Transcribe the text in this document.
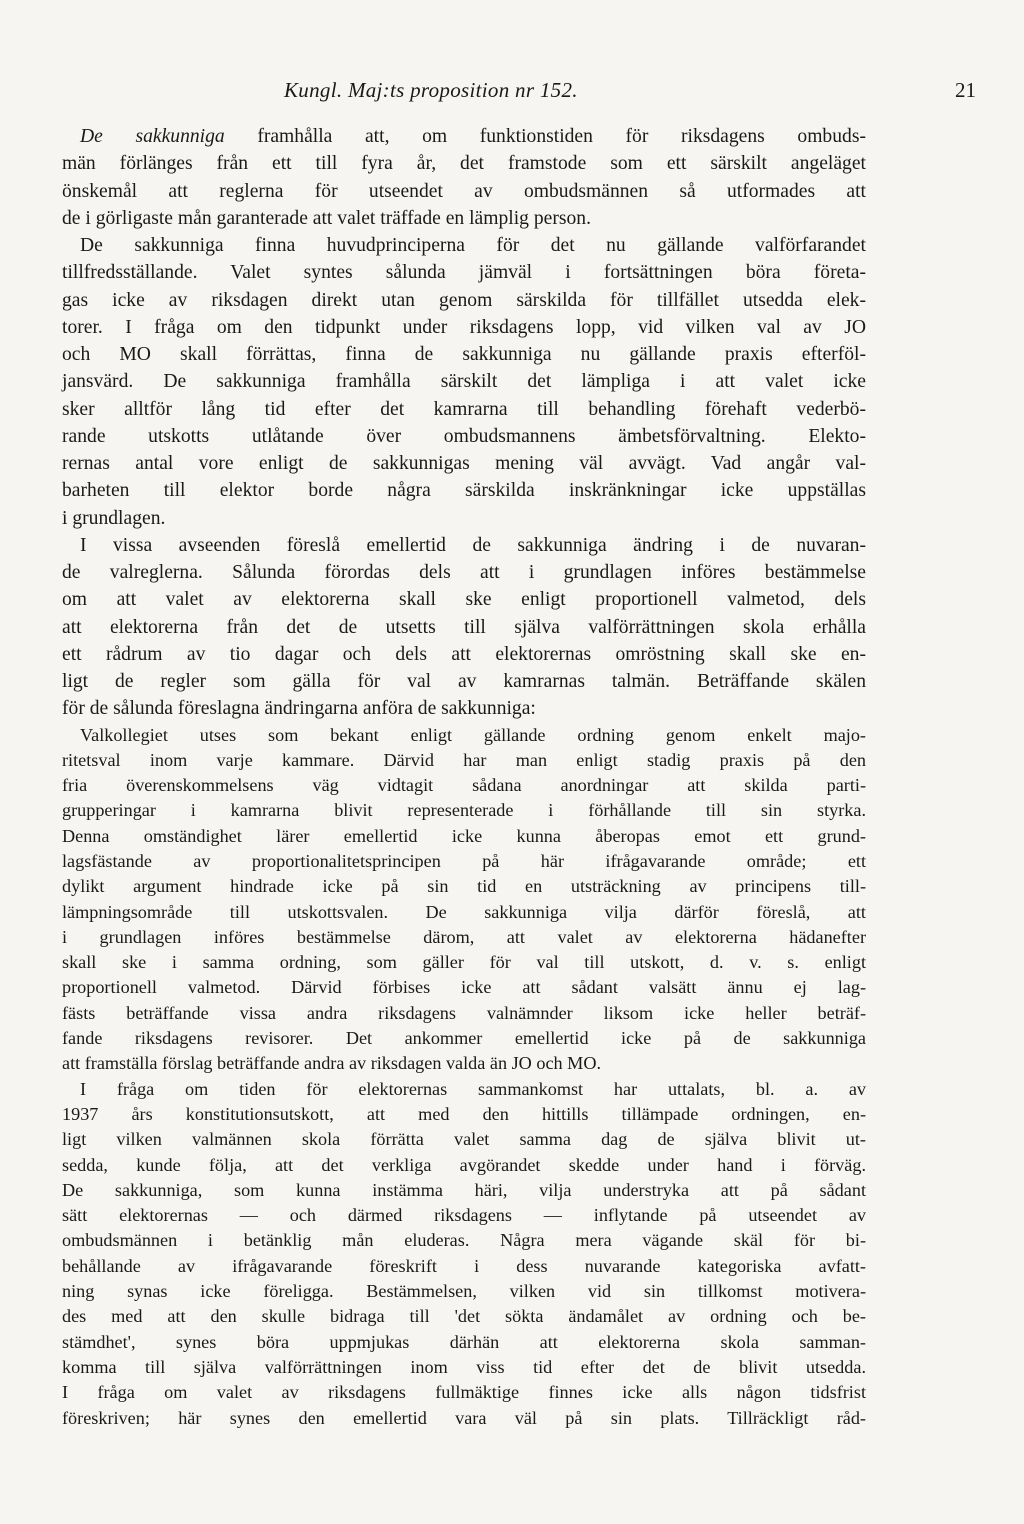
Kungl. Maj:ts proposition nr 152.	21
De sakkunniga framhålla att, om funktionstiden för riksdagens ombuds-
män förlänges från ett till fyra år, det framstode som ett särskilt angeläget
önskemål att reglerna för utseendet av ombudsmännen så utformades att
de i görligaste mån garanterade att valet träffade en lämplig person.
De sakkunniga finna huvudprinciperna för det nu gällande valförfarandet
tillfredsställande. Valet syntes sålunda jämväl i fortsättningen böra företa-
gas icke av riksdagen direkt utan genom särskilda för tillfället utsedda elek-
torer. I fråga om den tidpunkt under riksdagens lopp, vid vilken val av JO
och MO skall förrättas, finna de sakkunniga nu gällande praxis efterföl-
jansvärd. De sakkunniga framhålla särskilt det lämpliga i att valet icke
sker alltför lång tid efter det kamrarna till behandling förehaft vederbö-
rande utskotts utlåtande över ombudsmannens ämbetsförvaltning. Elekto-
rernas antal vore enligt de sakkunnigas mening väl avvägt. Vad angår val-
barheten till elektor borde några särskilda inskränkningar icke uppställas
i grundlagen.
I vissa avseenden föreslå emellertid de sakkunniga ändring i de nuvaran-
de valreglerna. Sålunda förordas dels att i grundlagen införes bestämmelse
om att valet av elektorerna skall ske enligt proportionell valmetod, dels
att elektorerna från det de utsetts till själva valförrättningen skola erhålla
ett rådrum av tio dagar och dels att elektorernas omröstning skall ske en-
ligt de regler som gälla för val av kamrarnas talmän. Beträffande skälen
för de sålunda föreslagna ändringarna anföra de sakkunniga:
Valkollegiet utses som bekant enligt gällande ordning genom enkelt majo-
ritetsval inom varje kammare. Därvid har man enligt stadig praxis på den
fria överenskommelsens väg vidtagit sådana anordningar att skilda parti-
grupperingar i kamrarna blivit representerade i förhållande till sin styrka.
Denna omständighet lärer emellertid icke kunna åberopas emot ett grund-
lagsfästande av proportionalitetsprincipen på här ifrågavarande område; ett
dylikt argument hindrade icke på sin tid en utsträckning av principens till-
lämpningsområde till utskottsvalen. De sakkunniga vilja därför föreslå, att
i grundlagen införes bestämmelse därom, att valet av elektorerna hädanefter
skall ske i samma ordning, som gäller för val till utskott, d. v. s. enligt
proportionell valmetod. Därvid förbises icke att sådant valsätt ännu ej lag-
fästs beträffande vissa andra riksdagens valnämnder liksom icke heller beträf-
fande riksdagens revisorer. Det ankommer emellertid icke på de sakkunniga
att framställa förslag beträffande andra av riksdagen valda än JO och MO.
I fråga om tiden för elektorernas sammankomst har uttalats, bl. a. av
1937 års konstitutionsutskott, att med den hittills tillämpade ordningen, en-
ligt vilken valmännen skola förrätta valet samma dag de själva blivit ut-
sedda, kunde följa, att det verkliga avgörandet skedde under hand i förväg.
De sakkunniga, som kunna instämma häri, vilja understryka att på sådant
sätt elektorernas — och därmed riksdagens — inflytande på utseendet av
ombudsmännen i betänklig mån eluderas. Några mera vägande skäl för bi-
behållande av ifrågavarande föreskrift i dess nuvarande kategoriska avfatt-
ning synas icke föreligga. Bestämmelsen, vilken vid sin tillkomst motivera-
des med att den skulle bidraga till 'det sökta ändamålet av ordning och be-
stämdhet', synes böra uppmjukas därhän att elektorerna skola samman-
komma till själva valförrättningen inom viss tid efter det de blivit utsedda.
I fråga om valet av riksdagens fullmäktige finnes icke alls någon tidsfrist
föreskriven; här synes den emellertid vara väl på sin plats. Tillräckligt råd-
